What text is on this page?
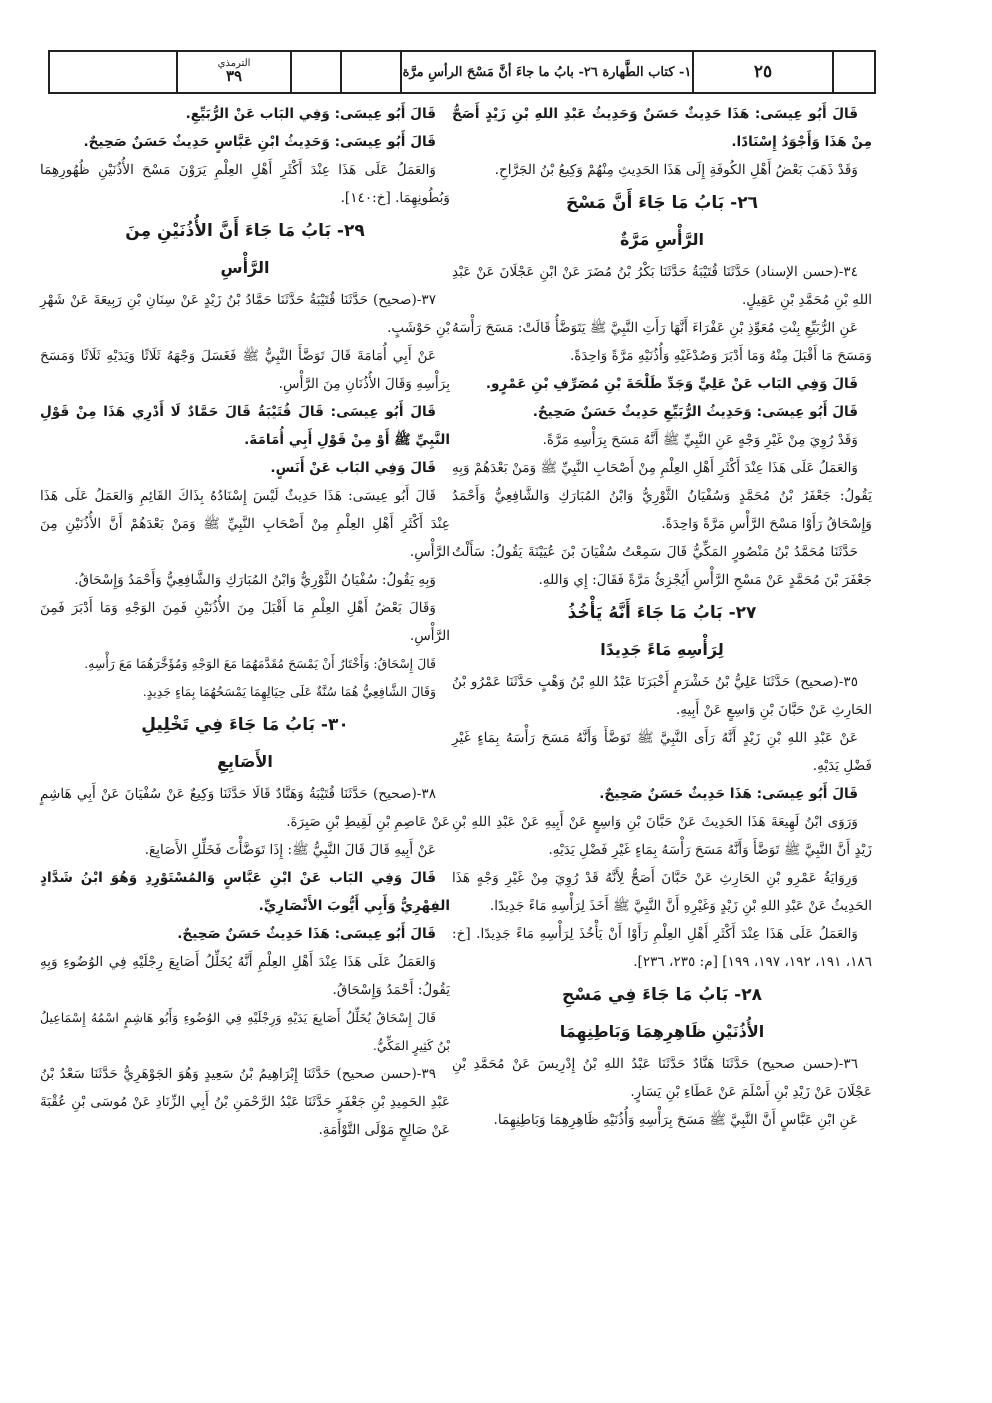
٢٥
١- كتاب الطَّهارة ٢٦- بابُ ما جاءَ أنَّ مَسْحَ الرأسِ مرَّة
الترمذي
٣٩

قَالَ أَبُو عِيسَى: هَذَا حَدِيثٌ حَسَنٌ وَحَدِيثُ عَبْدِ اللهِ بْنِ زَيْدٍ أَصَحُّ مِنْ هَذَا وَأَجْوَدُ إِسْنَادًا.

وَقَدْ ذَهَبَ بَعْضُ أَهْلِ الكُوفَةِ إِلَى هَذَا الحَدِيثِ مِنْهُمْ وَكِيعُ بْنُ الجَرَّاحِ.

٢٦- بَابُ مَا جَاءَ أَنَّ مَسْحَ
الرَّأْسِ مَرَّةٌ

٣٤-(حسن الإسناد) حَدَّثَنَا قُتَيْبَةُ حَدَّثَنَا بَكْرُ بْنُ مُضَرَ عَنْ ابْنِ عَجْلَانَ عَنْ عَبْدِ اللهِ بْنِ مُحَمَّدِ بْنِ عَقِيلٍ.

عَنِ الرُّبَيِّعِ بِنْتِ مُعَوِّذِ بْنِ عَفْرَاءَ أَنَّهَا رَأَتِ النَّبِيَّ ﷺ يَتَوَضَّأُ قَالَتْ: مَسَحَ رَأْسَهُ وَمَسَحَ مَا أَقْبَلَ مِنْهُ وَمَا أَدْبَرَ وَصُدْغَيْهِ وَأُذُنَيْهِ مَرَّةً وَاحِدَةً.

قَالَ وَفِي البَاب عَنْ عَلِيٍّ وَجَدِّ طَلْحَةَ بْنِ مُصَرِّفِ بْنِ عَمْرٍو.

قَالَ أَبُو عِيسَى: وَحَدِيثُ الرُّبَيِّعِ حَدِيثٌ حَسَنٌ صَحِيحٌ.

وَقَدْ رُوِيَ مِنْ غَيْرِ وَجْهٍ عَنِ النَّبِيِّ ﷺ أَنَّهُ مَسَحَ بِرَأْسِهِ مَرَّةً.

وَالعَمَلُ عَلَى هَذَا عِنْدَ أَكْثَرِ أَهْلِ العِلْمِ مِنْ أَصْحَابِ النَّبِيِّ ﷺ وَمَنْ بَعْدَهُمْ وَبِهِ يَقُولُ: جَعْفَرُ بْنُ مُحَمَّدٍ وَسُفْيَانُ الثَّوْرِيُّ وَابْنُ المُبَارَكِ وَالشَّافِعِيُّ وَأَحْمَدُ وَإِسْحَاقُ رَأَوْا مَسْحَ الرَّأْسِ مَرَّةً وَاحِدَةً.

حَدَّثَنَا مُحَمَّدُ بْنُ مَنْصُورٍ المَكِّيُّ قَالَ سَمِعْتُ سُفْيَانَ بْنَ عُيَيْنَةَ يَقُولُ: سَأَلْتُ جَعْفَرَ بْنَ مُحَمَّدٍ عَنْ مَسْحِ الرَّأْسِ أَيُجْزِئُ مَرَّةً فَقَالَ: إِي وَاللهِ.

٢٧- بَابُ مَا جَاءَ أَنَّهُ يَأْخُذُ
لِرَأْسِهِ مَاءً جَدِيدًا

٣٥-(صحيح) حَدَّثَنَا عَلِيُّ بْنُ خَشْرَمٍ أَخْبَرَنَا عَبْدُ اللهِ بْنُ وَهْبٍ حَدَّثَنَا عَمْرُو بْنُ الحَارِثِ عَنْ حَبَّانَ بْنِ وَاسِعٍ عَنْ أَبِيهِ.

عَنْ عَبْدِ اللهِ بْنِ زَيْدٍ أَنَّهُ رَأَى النَّبِيَّ ﷺ تَوَضَّأَ وَأَنَّهُ مَسَحَ رَأْسَهُ بِمَاءٍ غَيْرِ فَضْلِ يَدَيْهِ.

قَالَ أَبُو عِيسَى: هَذَا حَدِيثٌ حَسَنٌ صَحِيحٌ.

وَرَوَى ابْنُ لَهِيعَةَ هَذَا الحَدِيثَ عَنْ حَبَّانَ بْنِ وَاسِعٍ عَنْ أَبِيهِ عَنْ عَبْدِ اللهِ بْنِ زَيْدٍ أَنَّ النَّبِيَّ ﷺ تَوَضَّأَ وَأَنَّهُ مَسَحَ رَأْسَهُ بِمَاءٍ غَيْرِ فَضْلِ يَدَيْهِ.

وَرِوَايَةُ عَمْرِو بْنِ الحَارِثِ عَنْ حَبَّانَ أَصَحُّ لِأَنَّهُ قَدْ رُوِيَ مِنْ غَيْرِ وَجْهٍ هَذَا الحَدِيثُ عَنْ عَبْدِ اللهِ بْنِ زَيْدٍ وَغَيْرِهِ أَنَّ النَّبِيَّ ﷺ أَخَذَ لِرَأْسِهِ مَاءً جَدِيدًا.

وَالعَمَلُ عَلَى هَذَا عِنْدَ أَكْثَرِ أَهْلِ العِلْمِ رَأَوْا أَنْ يَأْخُذَ لِرَأْسِهِ مَاءً جَدِيدًا. [خ: ١٨٦، ١٩١، ١٩٢، ١٩٧، ١٩٩] [م: ٢٣٥، ٢٣٦].

٢٨- بَابُ مَا جَاءَ فِي مَسْحِ
الأُذُنَيْنِ ظَاهِرِهِمَا وَبَاطِنِهِمَا

٣٦-(حسن صحيح) حَدَّثَنَا هَنَّادٌ حَدَّثَنَا عَبْدُ اللهِ بْنُ إِدْرِيسَ عَنْ مُحَمَّدِ بْنِ عَجْلَانَ عَنْ زَيْدِ بْنِ أَسْلَمَ عَنْ عَطَاءِ بْنِ يَسَارٍ.

عَنِ ابْنِ عَبَّاسٍ أَنَّ النَّبِيَّ ﷺ مَسَحَ بِرَأْسِهِ وَأُذُنَيْهِ ظَاهِرِهِمَا وَبَاطِنِهِمَا.

قَالَ أَبُو عِيسَى: وَفِي البَاب عَنْ الرُّبَيِّعِ.

قَالَ أَبُو عِيسَى: وَحَدِيثُ ابْنِ عَبَّاسٍ حَدِيثٌ حَسَنٌ صَحِيحٌ.

وَالعَمَلُ عَلَى هَذَا عِنْدَ أَكْثَرِ أَهْلِ العِلْمِ يَرَوْنَ مَسْحَ الأُذُنَيْنِ ظُهُورِهِمَا وَبُطُونِهِمَا. [خ:١٤٠].

٢٩- بَابُ مَا جَاءَ أَنَّ الأُذُنَيْنِ مِنَ
الرَّأْسِ

٣٧-(صحيح) حَدَّثَنَا قُتَيْبَةُ حَدَّثَنَا حَمَّادُ بْنُ زَيْدٍ عَنْ سِنَانِ بْنِ رَبِيعَةَ عَنْ شَهْرِ بْنِ حَوْشَبٍ.

عَنْ أَبِي أُمَامَةَ قَالَ تَوَضَّأَ النَّبِيُّ ﷺ فَغَسَلَ وَجْهَهُ ثَلَاثًا وَيَدَيْهِ ثَلَاثًا وَمَسَحَ بِرَأْسِهِ وَقَالَ الأُذُنَانِ مِنَ الرَّأْسِ.

قَالَ أَبُو عِيسَى: قَالَ قُتَيْبَةُ قَالَ حَمَّادٌ لَا أَدْرِي هَذَا مِنْ قَوْلِ النَّبِيِّ ﷺ أَوْ مِنْ قَوْلِ أَبِي أُمَامَةَ.

قَالَ وَفِي البَاب عَنْ أَنَسٍ.

قَالَ أَبُو عِيسَى: هَذَا حَدِيثٌ لَيْسَ إِسْنَادُهُ بِذَاكَ القَائِمِ وَالعَمَلُ عَلَى هَذَا عِنْدَ أَكْثَرِ أَهْلِ العِلْمِ مِنْ أَصْحَابِ النَّبِيِّ ﷺ وَمَنْ بَعْدَهُمْ أَنَّ الأُذُنَيْنِ مِنَ الرَّأْسِ.

وَبِهِ يَقُولُ: سُفْيَانُ الثَّوْرِيُّ وَابْنُ المُبَارَكِ وَالشَّافِعِيُّ وَأَحْمَدُ وَإِسْحَاقُ.

وَقَالَ بَعْضُ أَهْلِ العِلْمِ مَا أَقْبَلَ مِنَ الأُذُنَيْنِ فَمِنَ الوَجْهِ وَمَا أَدْبَرَ فَمِنَ الرَّأْسِ.

قَالَ إِسْحَاقُ: وَأَخْتَارُ أَنْ يَمْسَحَ مُقَدَّمَهُمَا مَعَ الوَجْهِ وَمُؤَخَّرَهُمَا مَعَ رَأْسِهِ.

وَقَالَ الشَّافِعِيُّ هُمَا سُنَّةٌ عَلَى حِيَالِهِمَا يَمْسَحُهُمَا بِمَاءٍ جَدِيدٍ.

٣٠- بَابُ مَا جَاءَ فِي تَخْلِيلِ
الأَصَابِعِ

٣٨-(صحيح) حَدَّثَنَا قُتَيْبَةُ وَهَنَّادٌ قَالَا حَدَّثَنَا وَكِيعٌ عَنْ سُفْيَانَ عَنْ أَبِي هَاشِمٍ عَنْ عَاصِمِ بْنِ لَقِيطِ بْنِ صَبِرَةَ.

عَنْ أَبِيهِ قَالَ قَالَ النَّبِيُّ ﷺ: إِذَا تَوَضَّأْتَ فَخَلِّلِ الأَصَابِعَ.

قَالَ وَفِي البَاب عَنْ ابْنِ عَبَّاسٍ وَالمُسْتَوْرِدِ وَهُوَ ابْنُ شَدَّادٍ الفِهْرِيُّ وَأَبِي أَيُّوبَ الأَنْصَارِيِّ.

قَالَ أَبُو عِيسَى: هَذَا حَدِيثٌ حَسَنٌ صَحِيحٌ.

وَالعَمَلُ عَلَى هَذَا عِنْدَ أَهْلِ العِلْمِ أَنَّهُ يُخَلِّلُ أَصَابِعَ رِجْلَيْهِ فِي الوُضُوءِ وَبِهِ يَقُولُ: أَحْمَدُ وَإِسْحَاقُ.

قَالَ إِسْحَاقُ يُخَلِّلُ أَصَابِعَ يَدَيْهِ وَرِجْلَيْهِ فِي الوُضُوءِ وَأَبُو هَاشِمٍ اسْمُهُ إِسْمَاعِيلُ بْنُ كَثِيرٍ المَكِّيُّ.

٣٩-(حسن صحيح) حَدَّثَنَا إِبْرَاهِيمُ بْنُ سَعِيدٍ وَهُوَ الجَوْهَرِيُّ حَدَّثَنَا سَعْدُ بْنُ عَبْدِ الحَمِيدِ بْنِ جَعْفَرٍ حَدَّثَنَا عَبْدُ الرَّحْمَنِ بْنُ أَبِي الزِّنَادِ عَنْ مُوسَى بْنِ عُقْبَةَ عَنْ صَالِحٍ مَوْلَى التَّوْأَمَةِ.
